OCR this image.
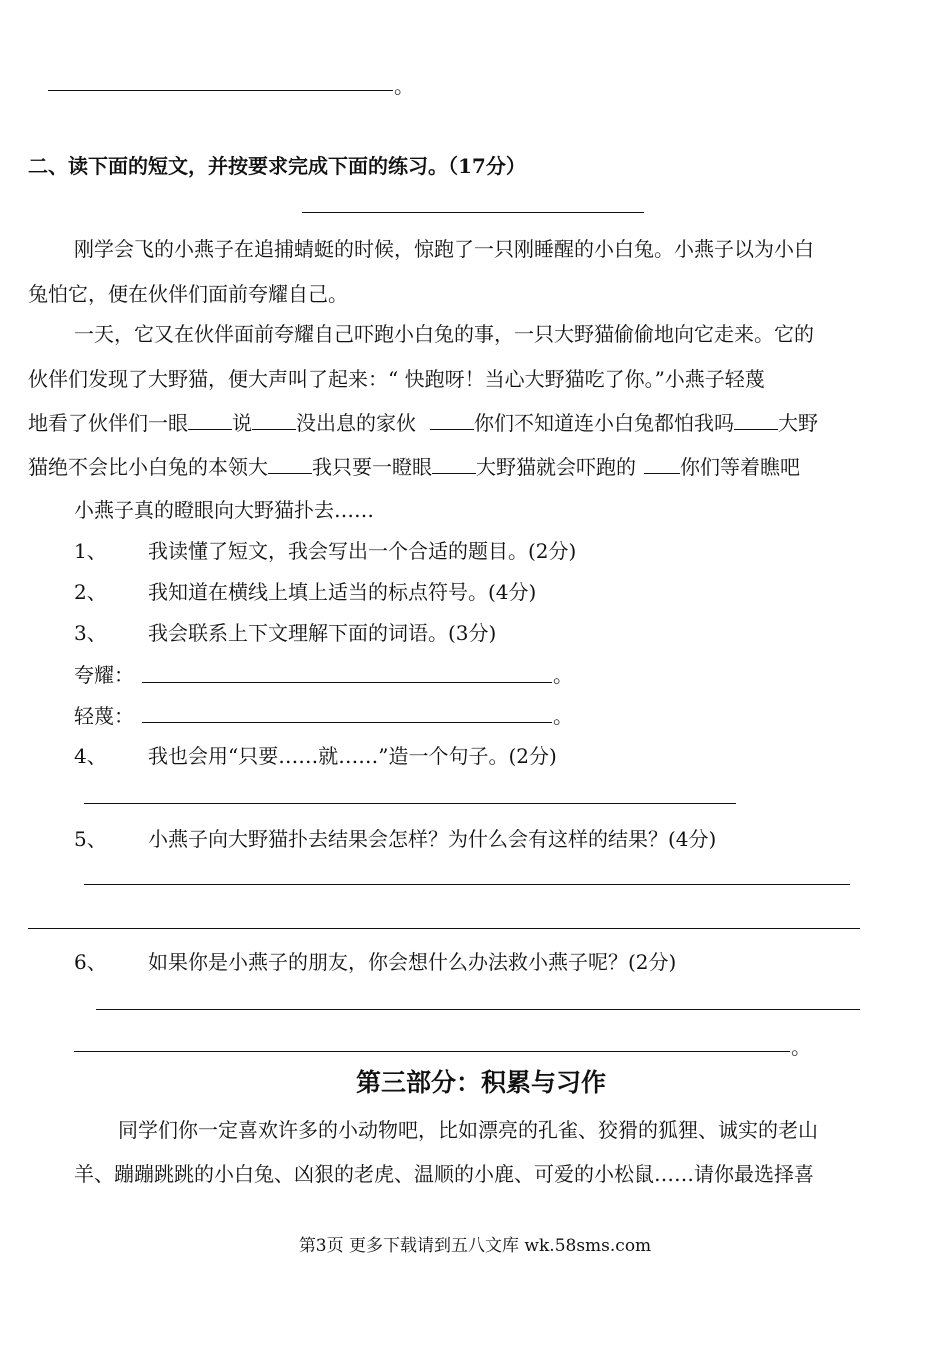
。
二、读下面的短文，并按要求完成下面的练习。（17分）
刚学会飞的小燕子在追捕蜻蜓的时候，惊跑了一只刚睡醒的小白兔。小燕子以为小白
兔怕它，便在伙伴们面前夸耀自己。
一天，它又在伙伴面前夸耀自己吓跑小白兔的事，一只大野猫偷偷地向它走来。它的
伙伴们发现了大野猫，便大声叫了起来：“ 快跑呀！当心大野猫吃了你。”小燕子轻蔑
地看了伙伴们一眼 说 没出息的家伙	你们不知道连小白兔都怕我吗 大野
猫绝不会比小白兔的本领大 我只要一瞪眼 大野猫就会吓跑的 你们等着瞧吧
小燕子真的瞪眼向大野猫扑去……
1、 我读懂了短文，我会写出一个合适的题目。(2分)
2、 我知道在横线上填上适当的标点符号。(4分)
3、 我会联系上下文理解下面的词语。(3分)
夸耀：	。
轻蔑：	。
4、 我也会用“只要……就……”造一个句子。(2分)
5、 小燕子向大野猫扑去结果会怎样？为什么会有这样的结果？(4分)
6、 如果你是小燕子的朋友，你会想什么办法救小燕子呢？(2分)
。
第三部分：积累与习作
同学们你一定喜欢许多的小动物吧，比如漂亮的孔雀、狡猾的狐狸、诚实的老山
羊、蹦蹦跳跳的小白兔、凶狠的老虎、温顺的小鹿、可爱的小松鼠……请你最选择喜
第3页 更多下载请到五八文库 wk.58sms.com
